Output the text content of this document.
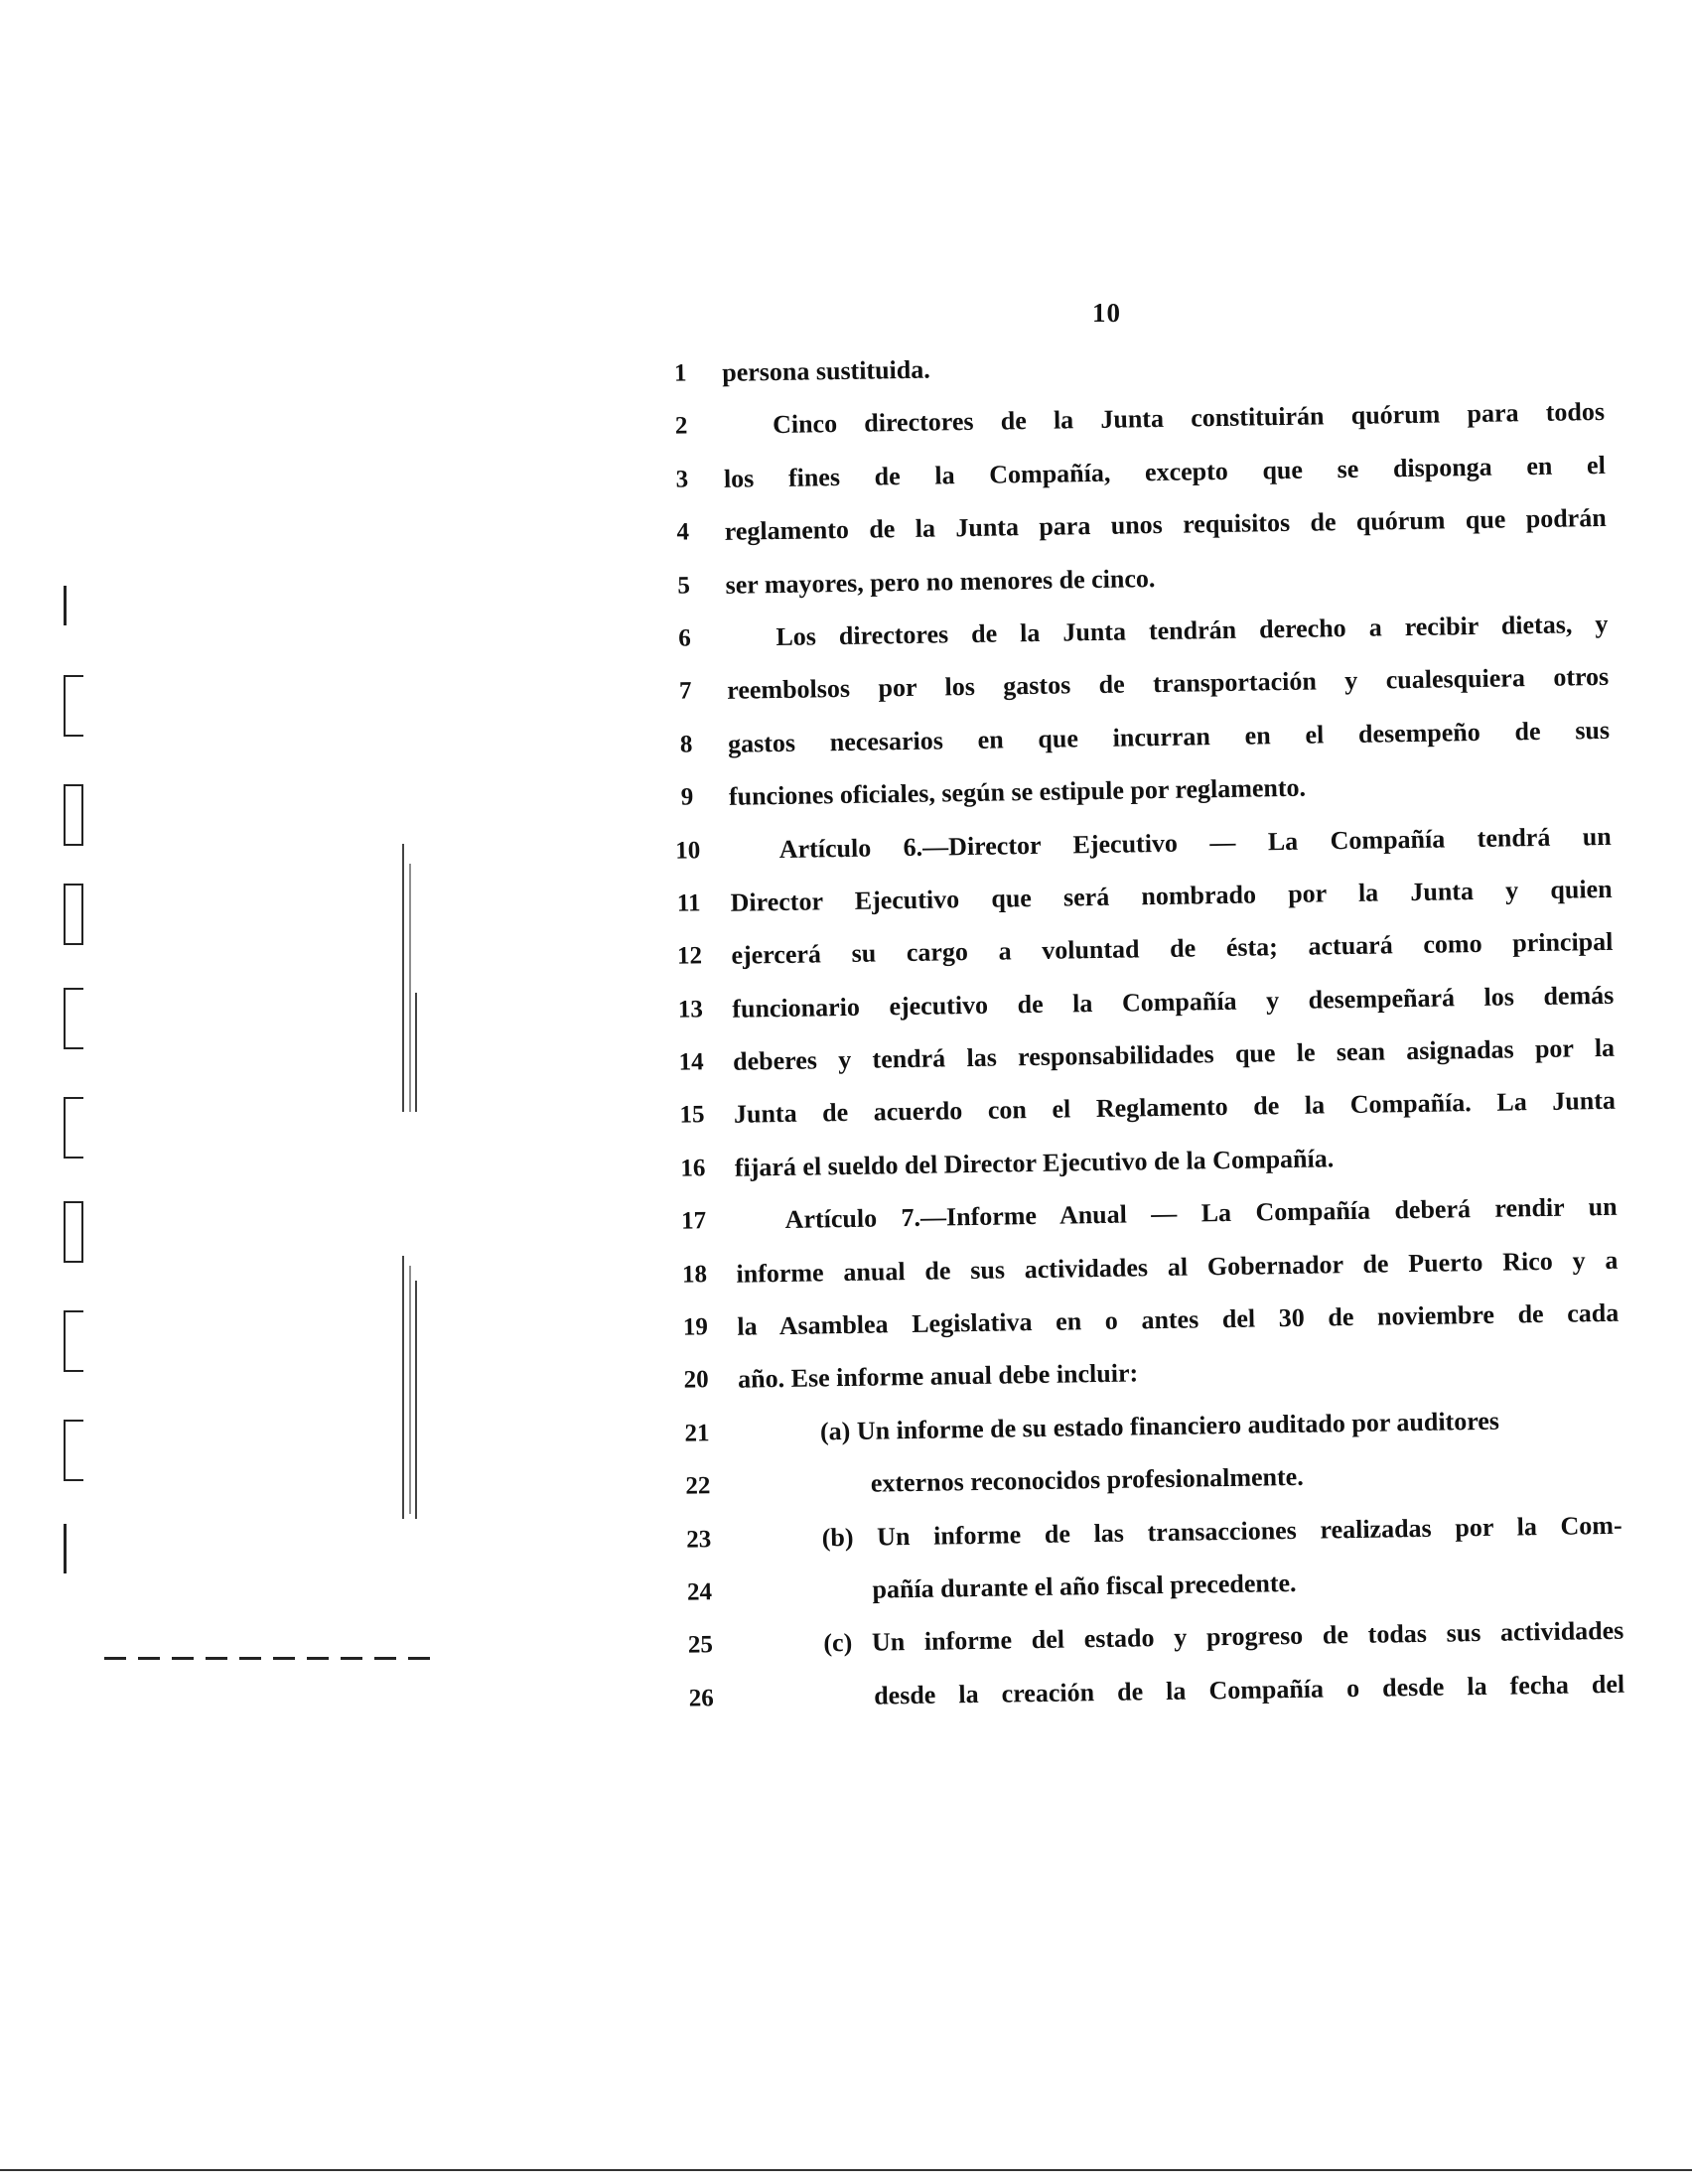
10
1	persona sustituida.
2	Cinco directores de la Junta constituirán quórum para todos
3	los fines de la Compañía, excepto que se disponga en el
4	reglamento de la Junta para unos requisitos de quórum que podrán
5	ser mayores, pero no menores de cinco.
6	Los directores de la Junta tendrán derecho a recibir dietas, y
7	reembolsos por los gastos de transportación y cualesquiera otros
8	gastos necesarios en que incurran en el desempeño de sus
9	funciones oficiales, según se estipule por reglamento.
10	Artículo 6.—Director Ejecutivo — La Compañía tendrá un
11	Director Ejecutivo que será nombrado por la Junta y quien
12	ejercerá su cargo a voluntad de ésta; actuará como principal
13	funcionario ejecutivo de la Compañía y desempeñará los demás
14	deberes y tendrá las responsabilidades que le sean asignadas por la
15	Junta de acuerdo con el Reglamento de la Compañía. La Junta
16	fijará el sueldo del Director Ejecutivo de la Compañía.
17	Artículo 7.—Informe Anual — La Compañía deberá rendir un
18	informe anual de sus actividades al Gobernador de Puerto Rico y a
19	la Asamblea Legislativa en o antes del 30 de noviembre de cada
20	año. Ese informe anual debe incluir:
21	(a) Un informe de su estado financiero auditado por auditores
22	externos reconocidos profesionalmente.
23	(b) Un informe de las transacciones realizadas por la Com-
24	pañía durante el año fiscal precedente.
25	(c) Un informe del estado y progreso de todas sus actividades
26	desde la creación de la Compañía o desde la fecha del
